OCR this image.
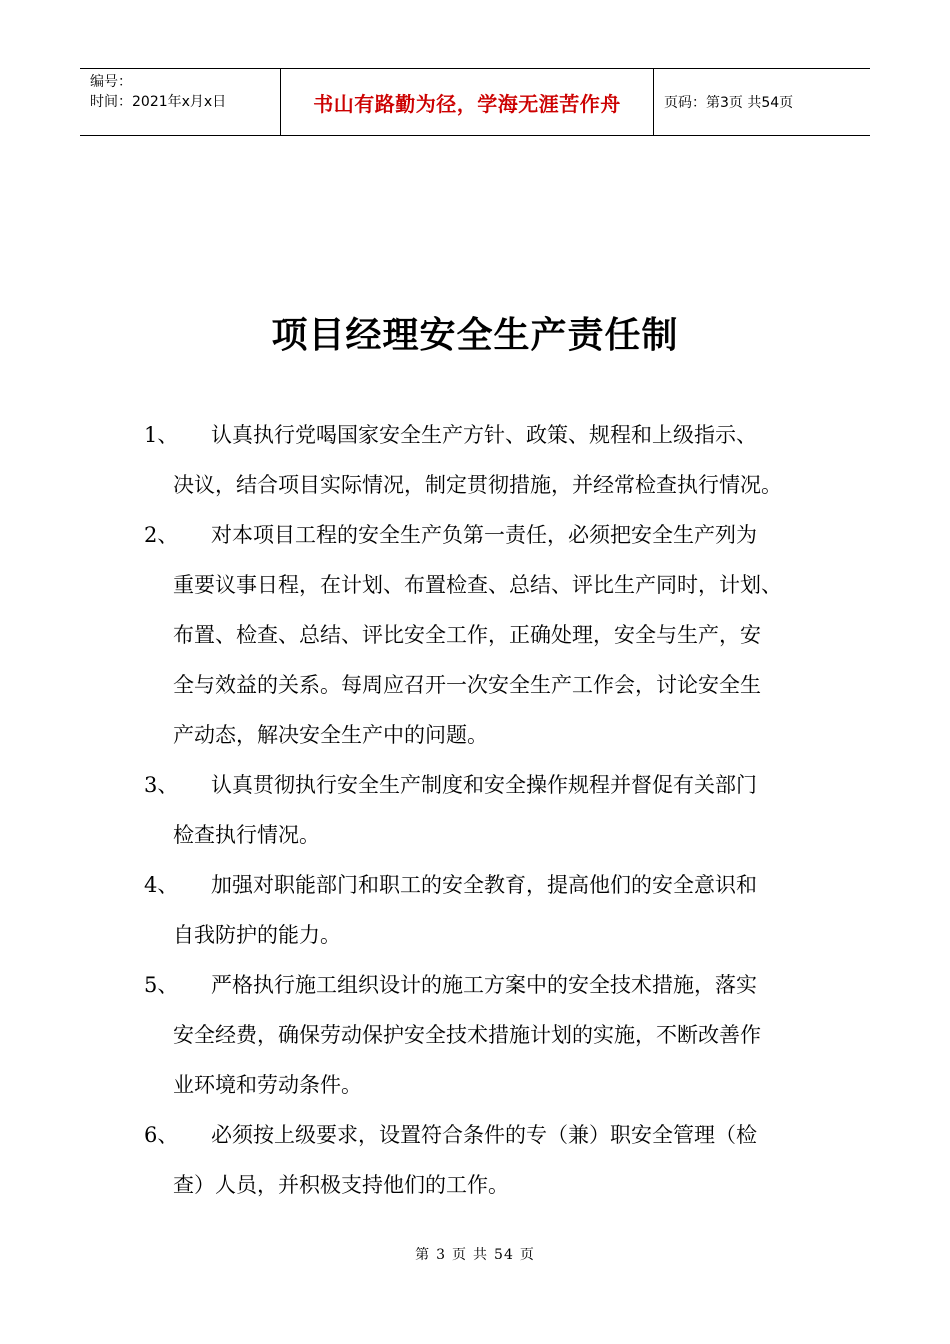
编号：
时间：2021年x月x日	书山有路勤为径，学海无涯苦作舟	页码：第3页 共54页
项目经理安全生产责任制
1、	认真执行党喝国家安全生产方针、政策、规程和上级指示、
决议，结合项目实际情况，制定贯彻措施，并经常检查执行情况。
2、	对本项目工程的安全生产负第一责任，必须把安全生产列为
重要议事日程，在计划、布置检查、总结、评比生产同时，计划、
布置、检查、总结、评比安全工作，正确处理，安全与生产，安
全与效益的关系。每周应召开一次安全生产工作会，讨论安全生
产动态，解决安全生产中的问题。
3、	认真贯彻执行安全生产制度和安全操作规程并督促有关部门
检查执行情况。
4、	加强对职能部门和职工的安全教育，提高他们的安全意识和
自我防护的能力。
5、	严格执行施工组织设计的施工方案中的安全技术措施，落实
安全经费，确保劳动保护安全技术措施计划的实施，不断改善作
业环境和劳动条件。
6、	必须按上级要求，设置符合条件的专（兼）职安全管理（检
查）人员，并积极支持他们的工作。
第 3 页 共 54 页
